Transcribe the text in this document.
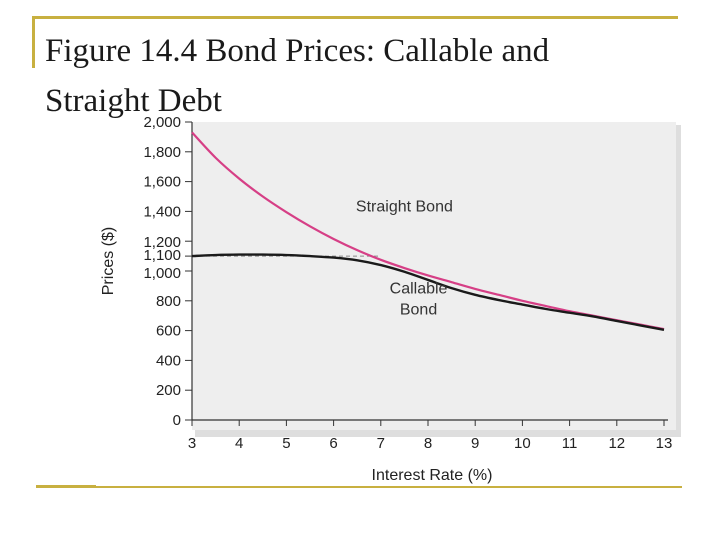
0
200
400
600
800
1,000
1,100
1,200
1,400
1,600
1,800
2,000
3	4	5	6	7	8	9 10 11 12 13
Interest Rate (%)
Prices ($)
Straight Bond
Callable
Bond
Figure 14.4 Bond Prices: Callable and
Straight Debt
